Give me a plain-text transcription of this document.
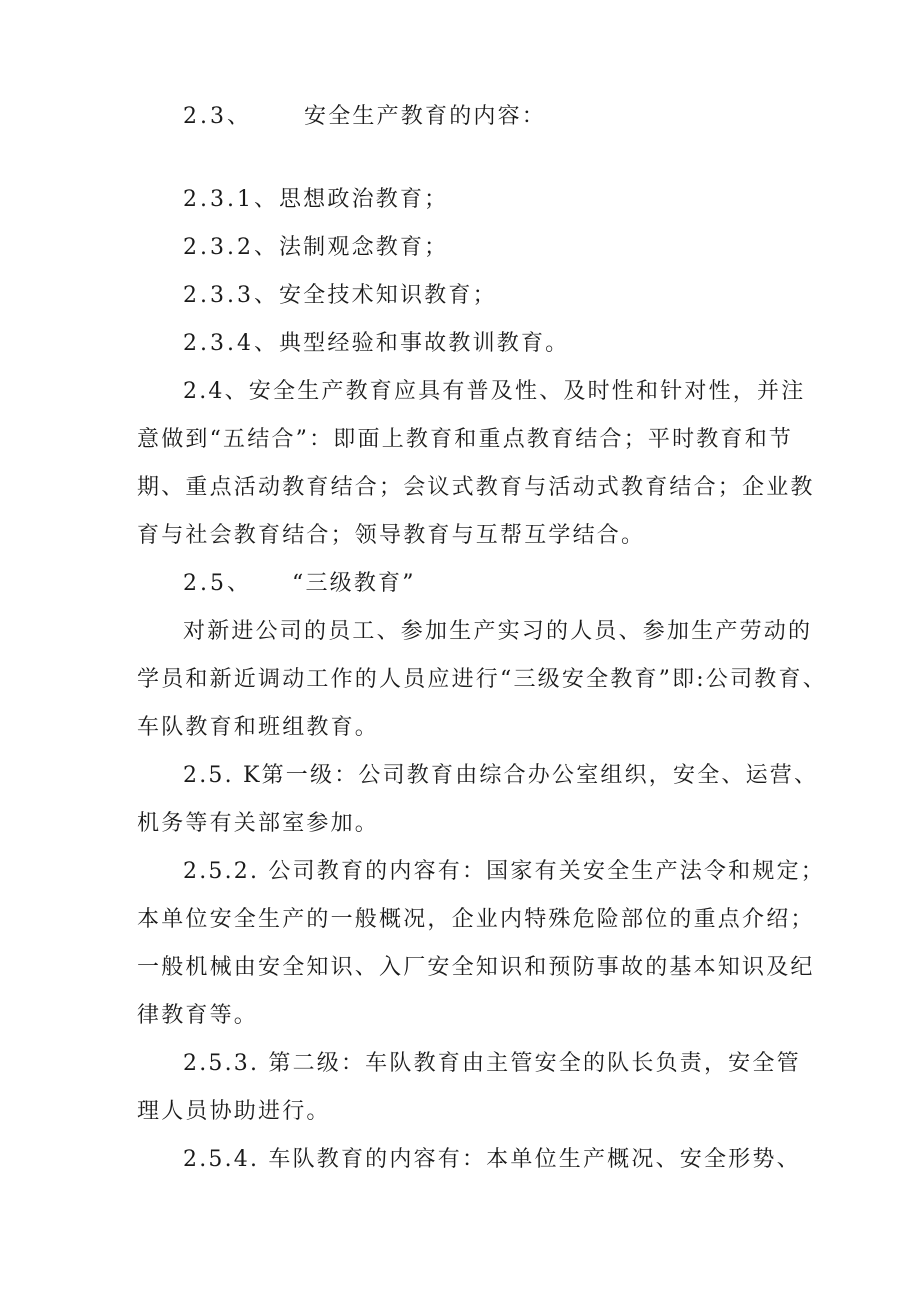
2.3、 安全生产教育的内容：
2.3.1、思想政治教育；
2.3.2、法制观念教育；
2.3.3、安全技术知识教育；
2.3.4、典型经验和事故教训教育。
2.4、安全生产教育应具有普及性、及时性和针对性，并注
意做到“五结合”：即面上教育和重点教育结合；平时教育和节
期、重点活动教育结合；会议式教育与活动式教育结合；企业教
育与社会教育结合；领导教育与互帮互学结合。
2.5、 “三级教育”
对新进公司的员工、参加生产实习的人员、参加生产劳动的
学员和新近调动工作的人员应进行“三级安全教育”即:公司教育、
车队教育和班组教育。
2.5. K第一级：公司教育由综合办公室组织，安全、运营、
机务等有关部室参加。
2.5.2. 公司教育的内容有：国家有关安全生产法令和规定；
本单位安全生产的一般概况，企业内特殊危险部位的重点介绍；
一般机械由安全知识、入厂安全知识和预防事故的基本知识及纪
律教育等。
2.5.3. 第二级：车队教育由主管安全的队长负责，安全管
理人员协助进行。
2.5.4. 车队教育的内容有：本单位生产概况、安全形势、
